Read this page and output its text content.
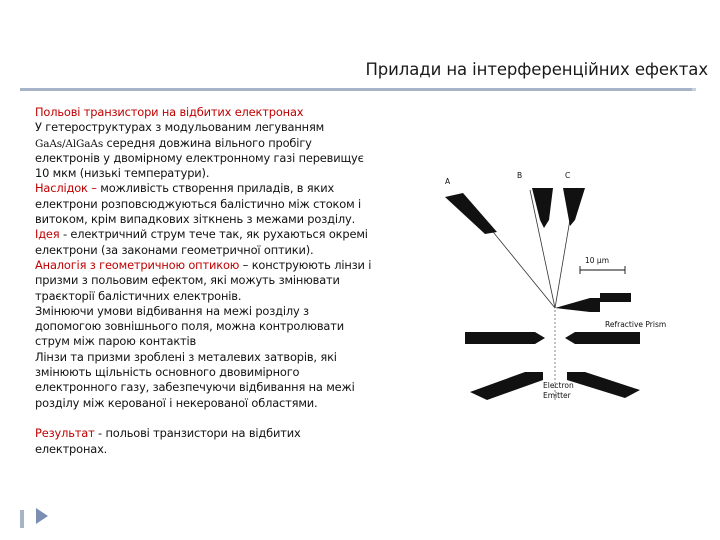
Прилади на інтерференційних ефектах
Польові транзистори на відбитих електронах
У гетероструктурах з модульованим легуванням
GaAs/AlGaAs середня довжина вільного пробігу
електронів у двомірному електронному газі перевищує
10 мкм (низькі температури).
Наслідок – можливість створення приладів, в яких
електрони розповсюджуються балістично між стоком і
витоком, крім випадкових зіткнень з межами розділу.
Ідея - електричний струм тече так, як рухаються окремі
електрони (за законами геометричної оптики).
Аналогія з геометричною оптикою – конструюють лінзи і
призми з польовим ефектом, які можуть змінювати
траєкторії балістичних електронів.
Змінюючи умови відбивання на межі розділу з
допомогою зовнішнього поля, можна контролювати
струм між парою контактів
Лінзи та призми зроблені з металевих затворів, які
змінюють щільність основного двовимірного
електронного газу, забезпечуючи відбивання на межі
розділу між керованої і некерованої областями.
Результат - польові транзистори на відбитих
електронах.
A
B	C
10 μm
Refractive Prism
Electron
Emitter
